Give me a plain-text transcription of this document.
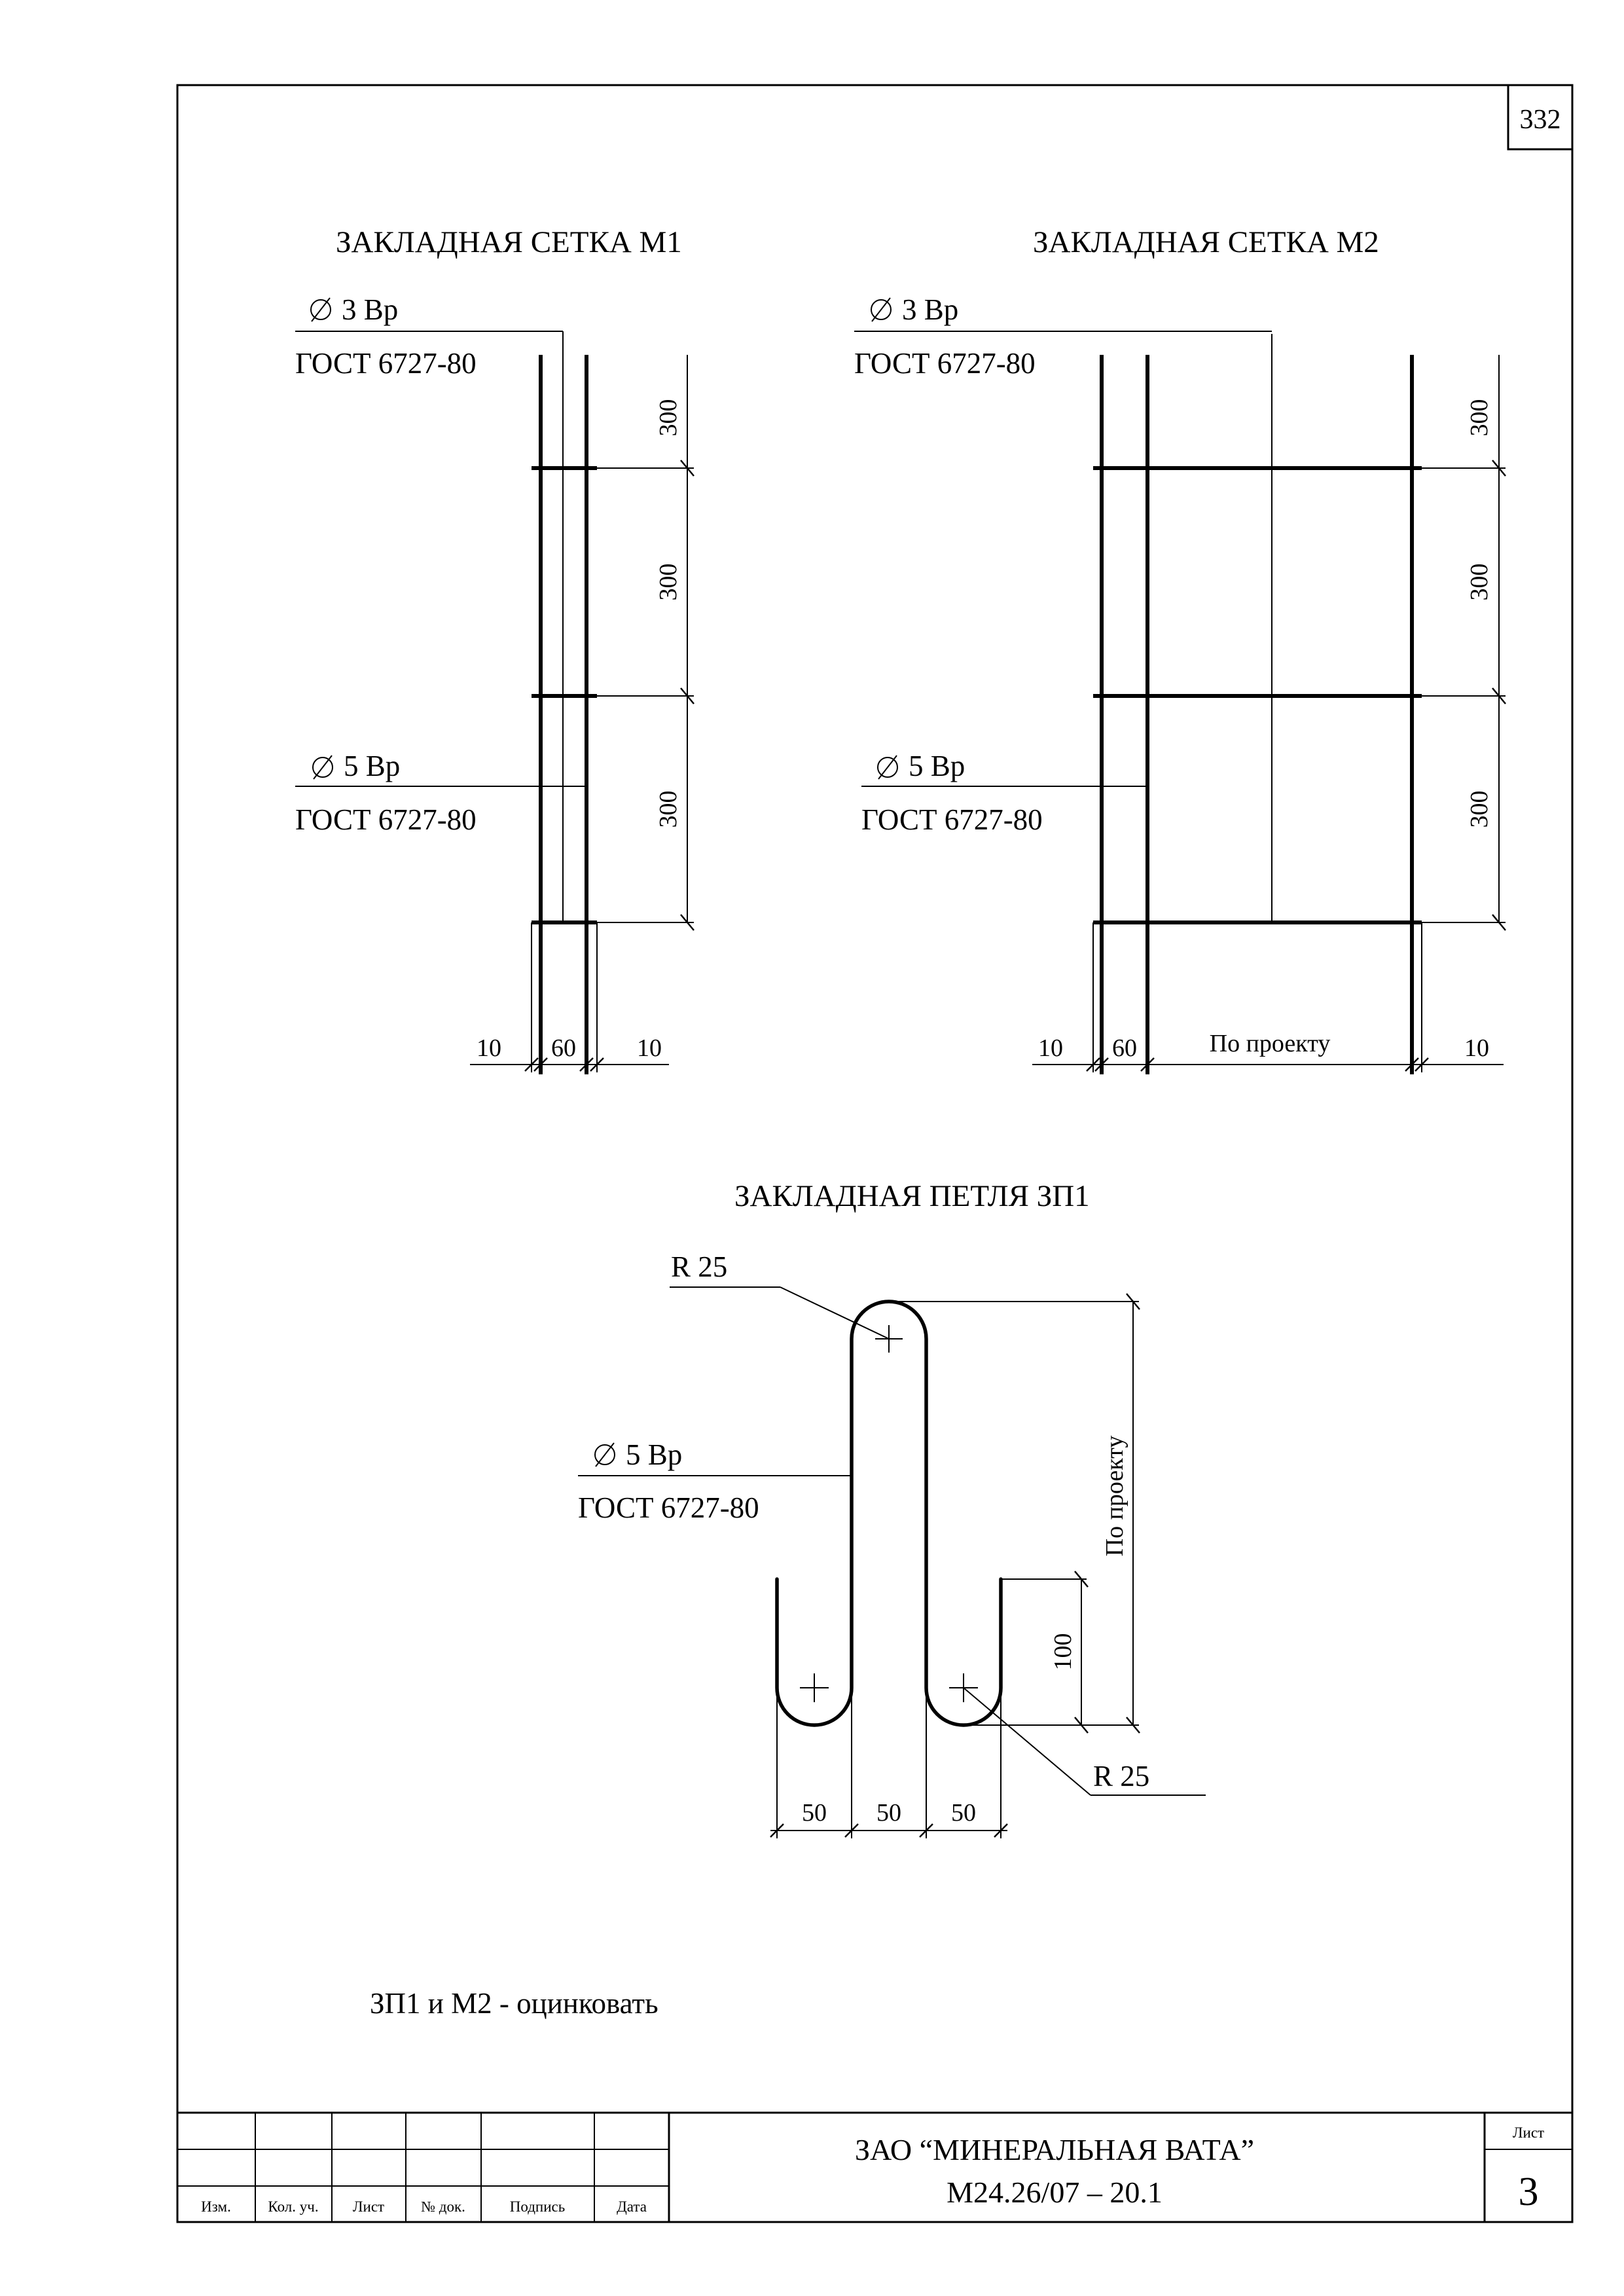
332
ЗАКЛАДНАЯ СЕТКА М1
3 Вр
ГОСТ 6727-80
5 Вр
ГОСТ 6727-80
300
300
300
10 60 10
ЗАКЛАДНАЯ СЕТКА М2
3 Вр
ГОСТ 6727-80
5 Вр
ГОСТ 6727-80
300
300
300
10 60	По проекту	10
ЗАКЛАДНАЯ ПЕТЛЯ ЗП1
R 25
R 25
5 Вр
ГОСТ 6727-80	По проекту
100
50 50 50
ЗП1 и М2 - оцинковать
Изм. Кол. уч. Лист № док.	Подпись	Дата
ЗАО “МИНЕРАЛЬНАЯ ВАТА”
М24.26/07 – 20.1
Лист
3
